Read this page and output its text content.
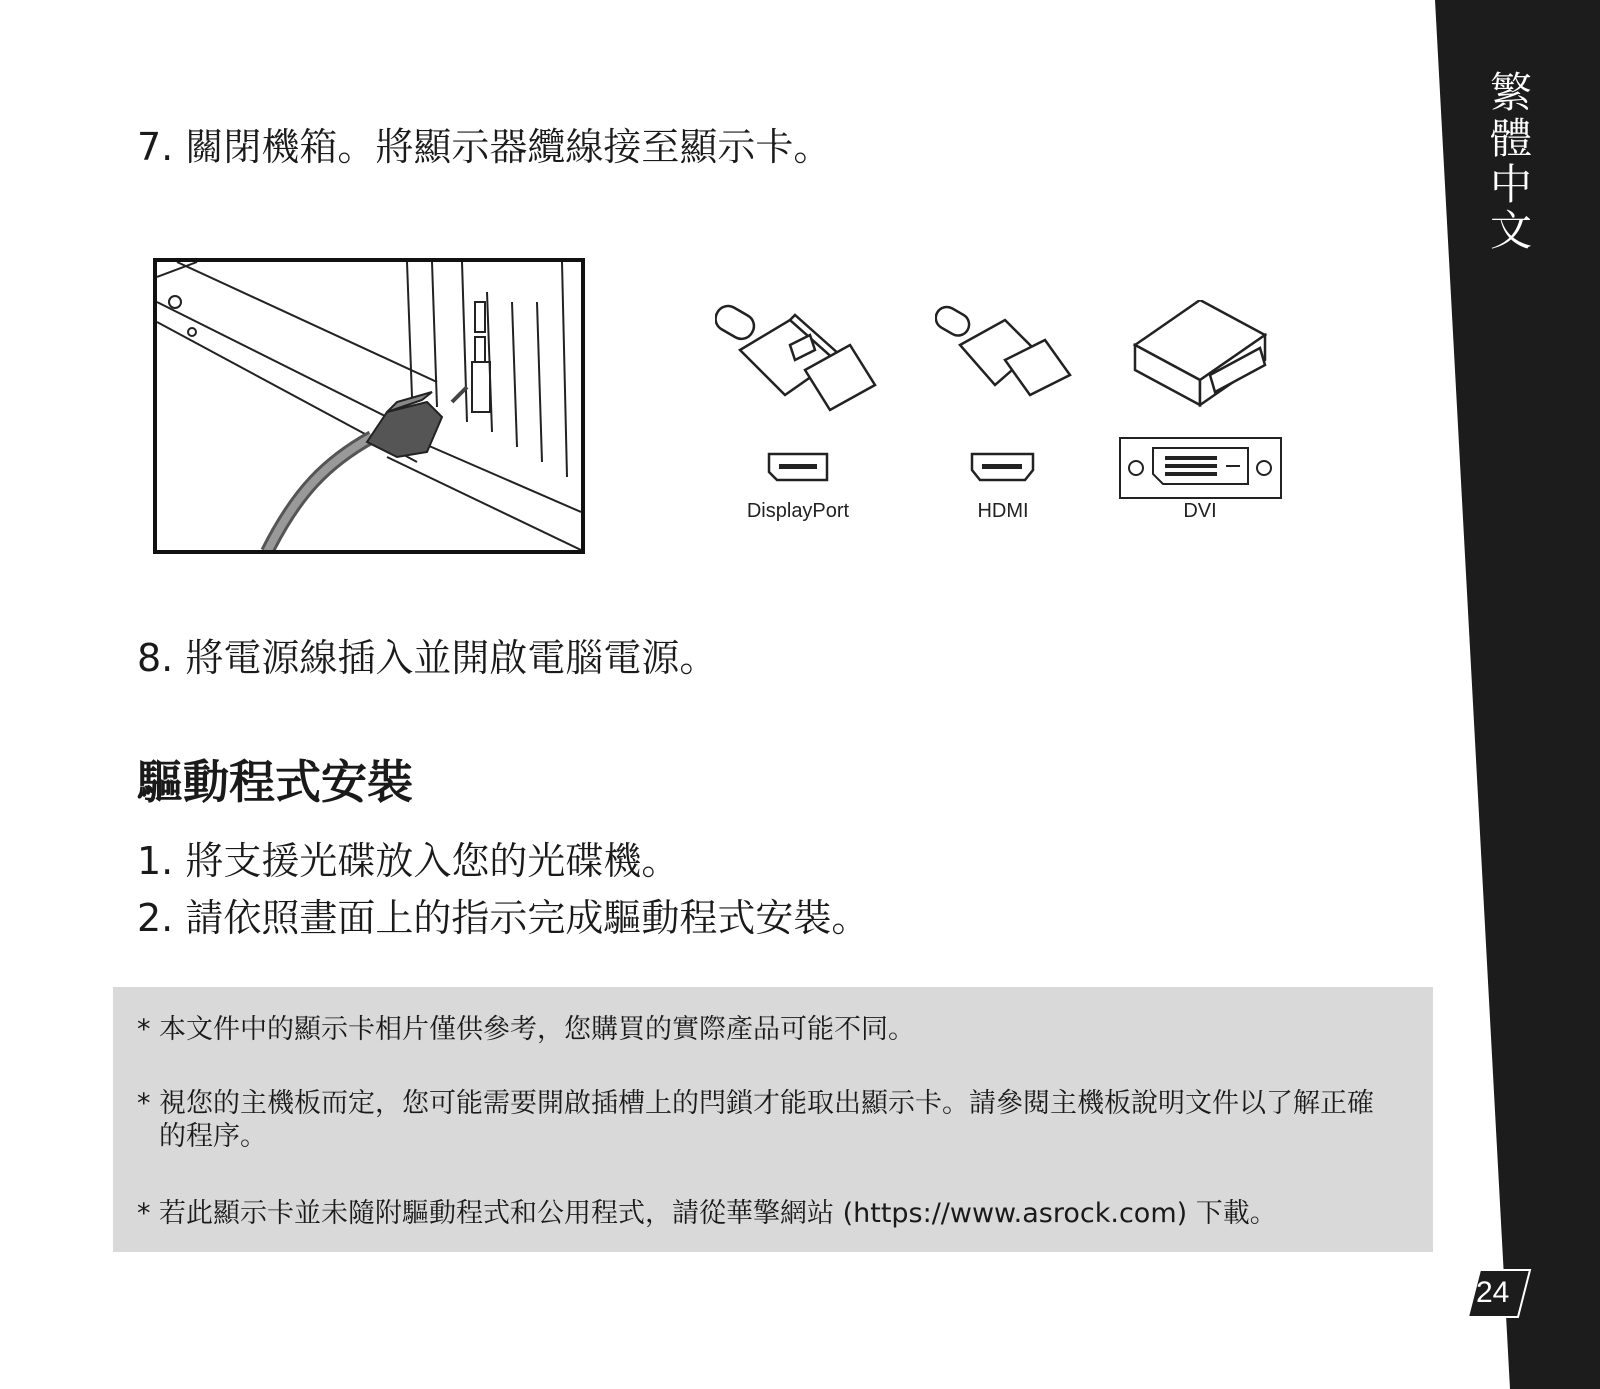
繁體中文
7. 關閉機箱。將顯示器纜線接至顯示卡。
DisplayPort	HDMI	DVI
8. 將電源線插入並開啟電腦電源。
驅動程式安裝
1. 將支援光碟放入您的光碟機。
2. 請依照畫面上的指示完成驅動程式安裝。
* 本文件中的顯示卡相片僅供參考，您購買的實際產品可能不同。
* 視您的主機板而定，您可能需要開啟插槽上的閂鎖才能取出顯示卡。請參閱主機板說明文件以了解正確的程序。
* 若此顯示卡並未隨附驅動程式和公用程式，請從華擎網站 (https://www.asrock.com) 下載。
24
